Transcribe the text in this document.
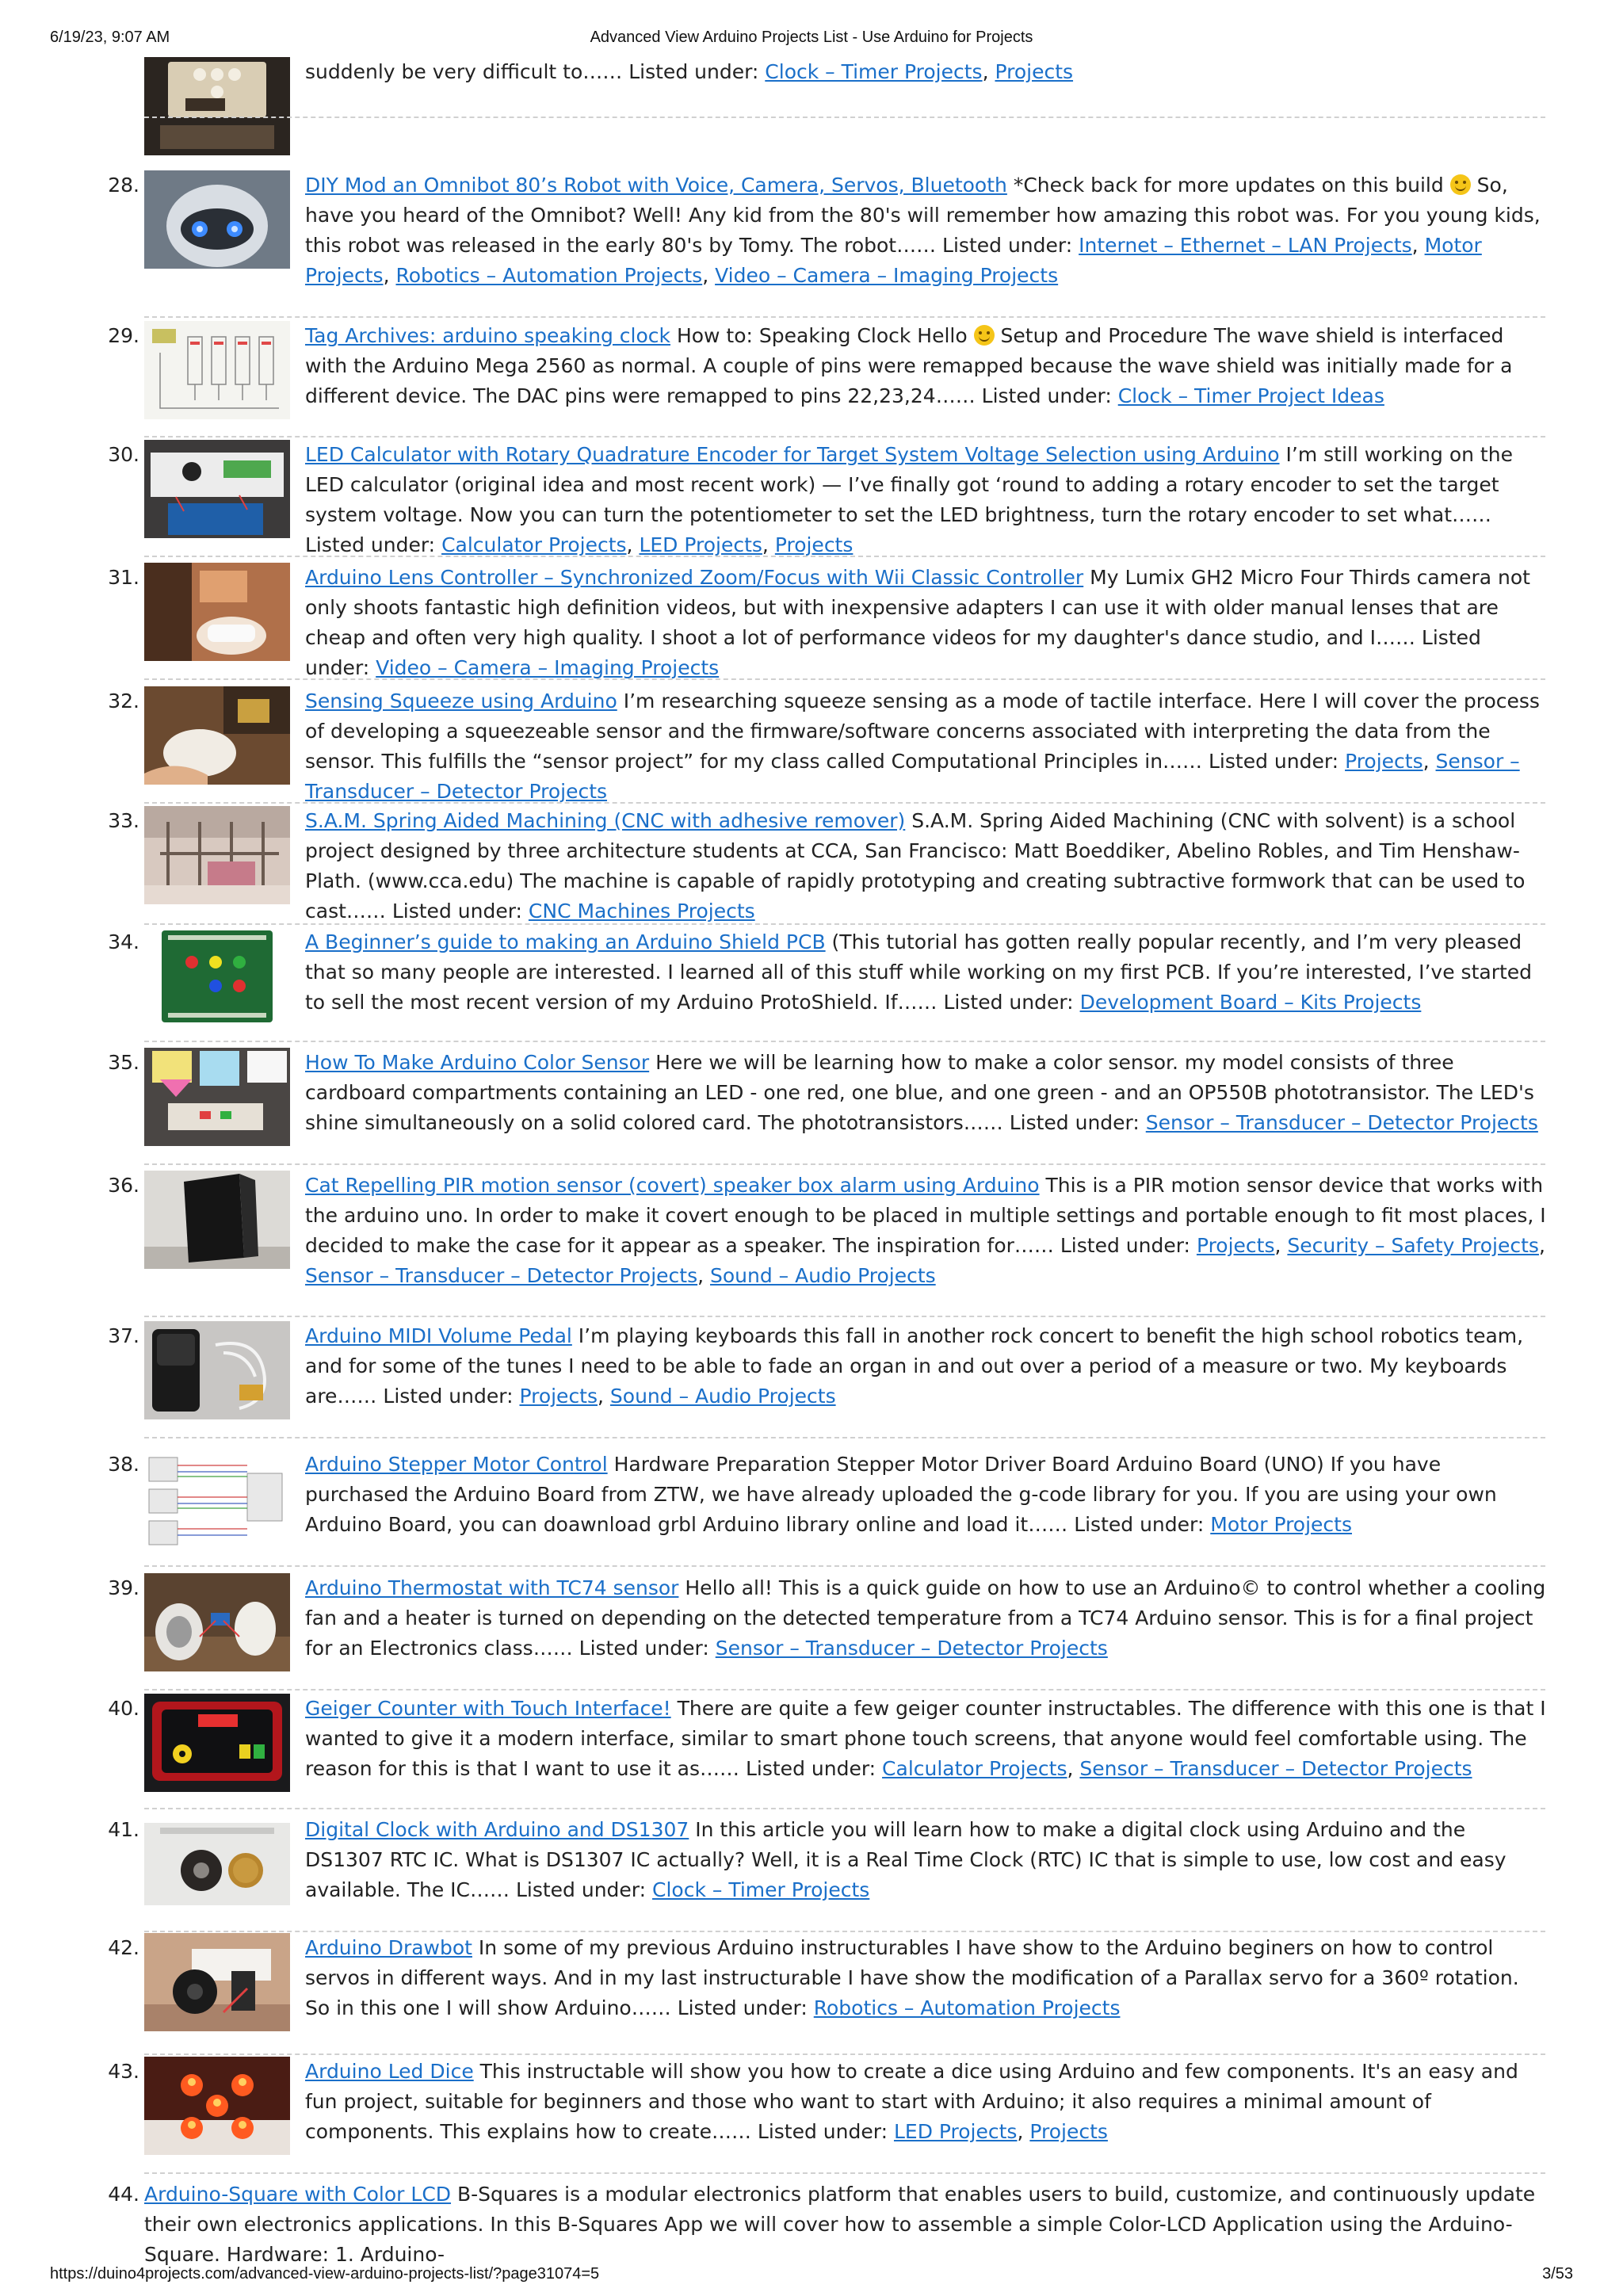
6/19/23, 9:07 AM	Advanced View Arduino Projects List - Use Arduino for Projects
suddenly be very difficult to…… Listed under: Clock – Timer Projects, Projects
28.	DIY Mod an Omnibot 80’s Robot with Voice, Camera, Servos, Bluetooth *Check back for more updates on this build  So, have you heard of the Omnibot? Well! Any kid from the 80's will remember how amazing this robot was. For you young kids, this robot was released in the early 80's by Tomy. The robot…… Listed under: Internet – Ethernet – LAN Projects, Motor Projects, Robotics – Automation Projects, Video – Camera – Imaging Projects
29.	Tag Archives: arduino speaking clock How to: Speaking Clock Hello  Setup and Procedure The wave shield is interfaced with the Arduino Mega 2560 as normal. A couple of pins were remapped because the wave shield was initially made for a different device. The DAC pins were remapped to pins 22,23,24…… Listed under: Clock – Timer Project Ideas
30.	LED Calculator with Rotary Quadrature Encoder for Target System Voltage Selection using Arduino I’m still working on the LED calculator (original idea and most recent work) — I’ve finally got ‘round to adding a rotary encoder to set the target system voltage. Now you can turn the potentiometer to set the LED brightness, turn the rotary encoder to set what…… Listed under: Calculator Projects, LED Projects, Projects
31.	Arduino Lens Controller – Synchronized Zoom/Focus with Wii Classic Controller My Lumix GH2 Micro Four Thirds camera not only shoots fantastic high definition videos, but with inexpensive adapters I can use it with older manual lenses that are cheap and often very high quality. I shoot a lot of performance videos for my daughter's dance studio, and I…… Listed under: Video – Camera – Imaging Projects
32.	Sensing Squeeze using Arduino I’m researching squeeze sensing as a mode of tactile interface. Here I will cover the process of developing a squeezeable sensor and the firmware/software concerns associated with interpreting the data from the sensor. This fulfills the “sensor project” for my class called Computational Principles in…… Listed under: Projects, Sensor – Transducer – Detector Projects
33.	S.A.M. Spring Aided Machining (CNC with adhesive remover) S.A.M. Spring Aided Machining (CNC with solvent) is a school project designed by three architecture students at CCA, San Francisco: Matt Boeddiker, Abelino Robles, and Tim Henshaw-Plath. (www.cca.edu) The machine is capable of rapidly prototyping and creating subtractive formwork that can be used to cast…… Listed under: CNC Machines Projects
34.	A Beginner’s guide to making an Arduino Shield PCB (This tutorial has gotten really popular recently, and I’m very pleased that so many people are interested. I learned all of this stuff while working on my first PCB. If you’re interested, I’ve started to sell the most recent version of my Arduino ProtoShield. If…… Listed under: Development Board – Kits Projects
35.	How To Make Arduino Color Sensor Here we will be learning how to make a color sensor. my model consists of three cardboard compartments containing an LED - one red, one blue, and one green - and an OP550B phototransistor. The LED's shine simultaneously on a solid colored card. The phototransistors…… Listed under: Sensor – Transducer – Detector Projects
36.	Cat Repelling PIR motion sensor (covert) speaker box alarm using Arduino This is a PIR motion sensor device that works with the arduino uno. In order to make it covert enough to be placed in multiple settings and portable enough to fit most places, I decided to make the case for it appear as a speaker. The inspiration for…… Listed under: Projects, Security – Safety Projects, Sensor – Transducer – Detector Projects, Sound – Audio Projects
37.	Arduino MIDI Volume Pedal I’m playing keyboards this fall in another rock concert to benefit the high school robotics team, and for some of the tunes I need to be able to fade an organ in and out over a period of a measure or two. My keyboards are…… Listed under: Projects, Sound – Audio Projects
38.	Arduino Stepper Motor Control Hardware Preparation Stepper Motor Driver Board Arduino Board (UNO) If you have purchased the Arduino Board from ZTW, we have already uploaded the g-code library for you. If you are using your own Arduino Board, you can doawnload grbl Arduino library online and load it…… Listed under: Motor Projects
39.	Arduino Thermostat with TC74 sensor Hello all! This is a quick guide on how to use an Arduino© to control whether a cooling fan and a heater is turned on depending on the detected temperature from a TC74 Arduino sensor. This is for a final project for an Electronics class…… Listed under: Sensor – Transducer – Detector Projects
40.	Geiger Counter with Touch Interface! There are quite a few geiger counter instructables. The difference with this one is that I wanted to give it a modern interface, similar to smart phone touch screens, that anyone would feel comfortable using. The reason for this is that I want to use it as…… Listed under: Calculator Projects, Sensor – Transducer – Detector Projects
41.	Digital Clock with Arduino and DS1307 In this article you will learn how to make a digital clock using Arduino and the DS1307 RTC IC. What is DS1307 IC actually? Well, it is a Real Time Clock (RTC) IC that is simple to use, low cost and easy available. The IC…… Listed under: Clock – Timer Projects
42.	Arduino Drawbot In some of my previous Arduino instructurables I have show to the Arduino beginers on how to control servos in different ways. And in my last instructurable I have show the modification of a Parallax servo for a 360º rotation. So in this one I will show Arduino…… Listed under: Robotics – Automation Projects
43.	Arduino Led Dice This instructable will show you how to create a dice using Arduino and few components. It's an easy and fun project, suitable for beginners and those who want to start with Arduino; it also requires a minimal amount of components. This explains how to create…… Listed under: LED Projects, Projects
44. Arduino-Square with Color LCD B-Squares is a modular electronics platform that enables users to build, customize, and continuously update their own electronics applications. In this B-Squares App we will cover how to assemble a simple Color-LCD Application using the Arduino-Square. Hardware: 1. Arduino-
https://duino4projects.com/advanced-view-arduino-projects-list/?page31074=5	3/53
